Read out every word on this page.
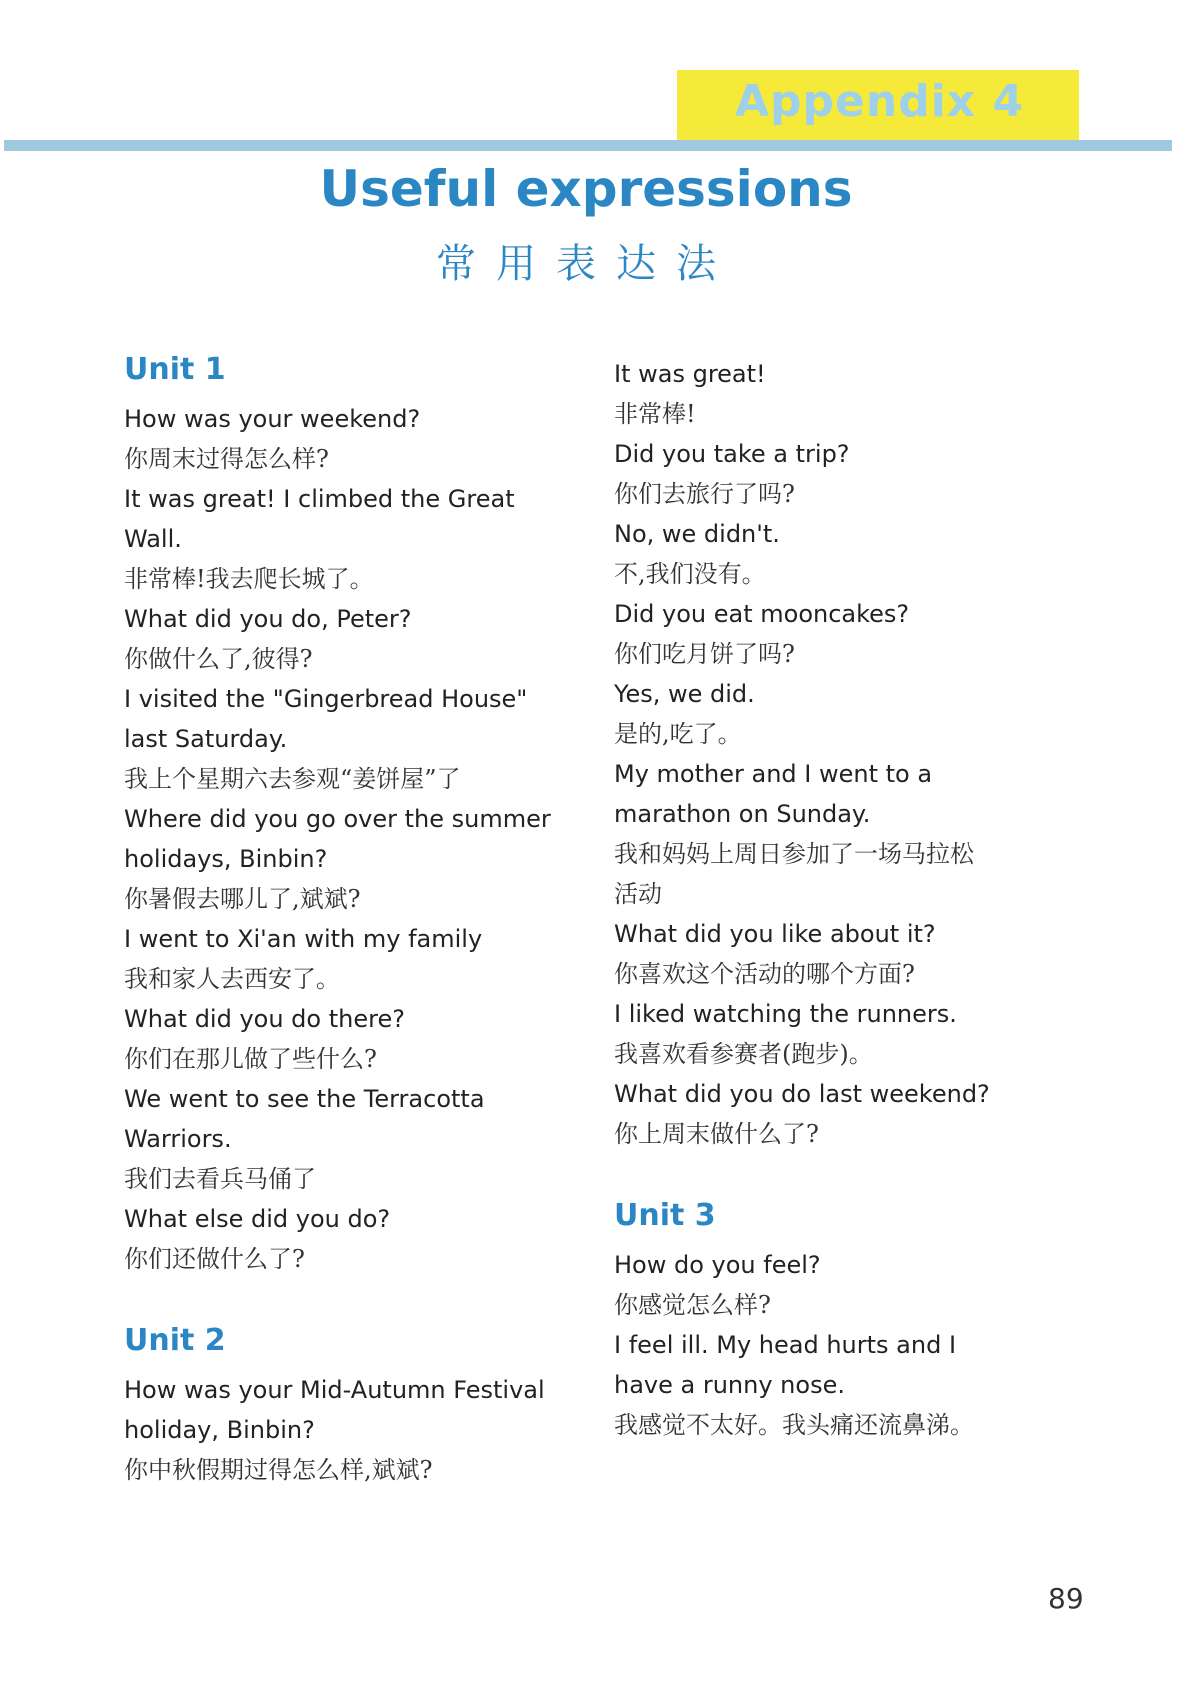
Appendix 4
Useful expressions
常用表达法
Unit 1
How was your weekend?
你周末过得怎么样?
It was great! I climbed the Great
Wall.
非常棒!我去爬长城了。
What did you do, Peter?
你做什么了,彼得?
I visited the "Gingerbread House"
last Saturday.
我上个星期六去参观“姜饼屋”了
Where did you go over the summer
holidays, Binbin?
你暑假去哪儿了,斌斌?
I went to Xi'an with my family
我和家人去西安了。
What did you do there?
你们在那儿做了些什么?
We went to see the Terracotta
Warriors.
我们去看兵马俑了
What else did you do?
你们还做什么了?
Unit 2
How was your Mid-Autumn Festival
holiday, Binbin?
你中秋假期过得怎么样,斌斌?
It was great!
非常棒!
Did you take a trip?
你们去旅行了吗?
No, we didn't.
不,我们没有。
Did you eat mooncakes?
你们吃月饼了吗?
Yes, we did.
是的,吃了。
My mother and I went to a
marathon on Sunday.
我和妈妈上周日参加了一场马拉松
活动
What did you like about it?
你喜欢这个活动的哪个方面?
I liked watching the runners.
我喜欢看参赛者(跑步)。
What did you do last weekend?
你上周末做什么了?
Unit 3
How do you feel?
你感觉怎么样?
I feel ill. My head hurts and I
have a runny nose.
我感觉不太好。我头痛还流鼻涕。
89
